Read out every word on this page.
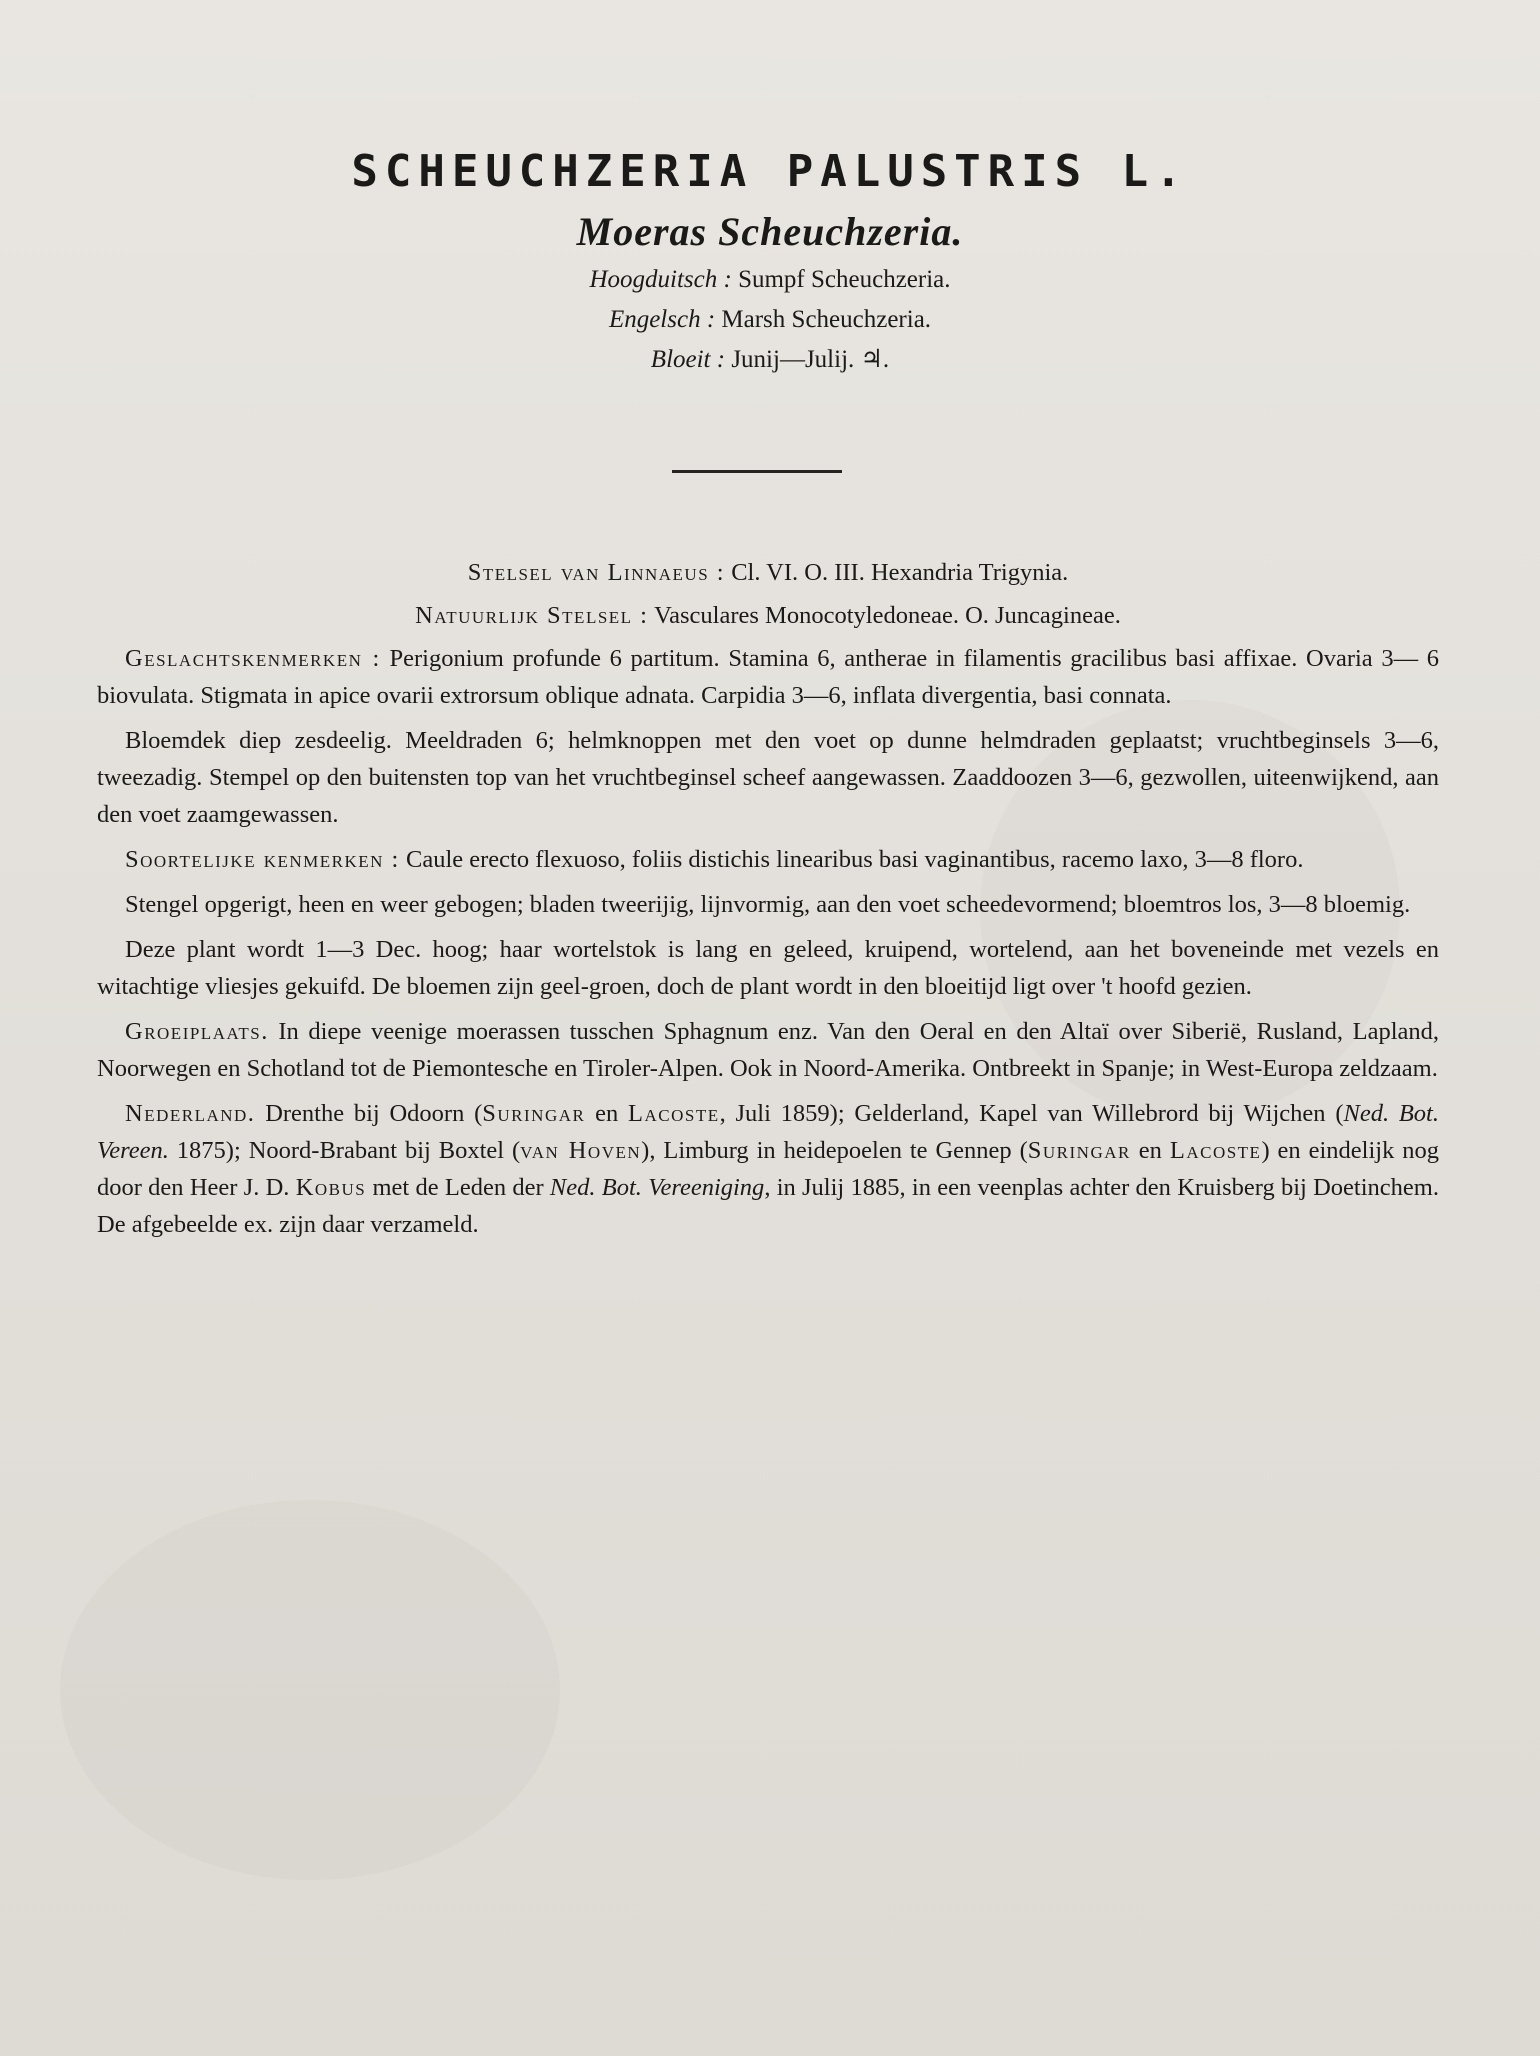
SCHEUCHZERIA PALUSTRIS L.
Moeras Scheuchzeria.
Hoogduitsch : Sumpf Scheuchzeria.
Engelsch : Marsh Scheuchzeria.
Bloeit : Junij—Julij. ♃.
Stelsel van Linnaeus : Cl. VI. O. III. Hexandria Trigynia.
Natuurlijk Stelsel : Vasculares Monocotyledoneae. O. Juncagineae.

Geslachtskenmerken : Perigonium profunde 6 partitum. Stamina 6, antherae in filamentis gracilibus basi affixae. Ovaria 3— 6 biovulata. Stigmata in apice ovarii extrorsum oblique adnata. Carpidia 3—6, inflata divergentia, basi connata.

Bloemdek diep zesdeelig. Meeldraden 6; helmknoppen met den voet op dunne helmdraden geplaatst; vruchtbeginsels 3—6, tweezadig. Stempel op den buitensten top van het vruchtbeginsel scheef aangewassen. Zaaddoozen 3—6, gezwollen, uiteenwijkend, aan den voet zaamgewassen.

Soortelijke kenmerken : Caule erecto flexuoso, foliis distichis linearibus basi vaginantibus, racemo laxo, 3—8 floro.

Stengel opgerigt, heen en weer gebogen; bladen tweerijig, lijnvormig, aan den voet scheedevormend; bloemtros los, 3—8 bloemig.

Deze plant wordt 1—3 Dec. hoog; haar wortelstok is lang en geleed, kruipend, wortelend, aan het boveneinde met vezels en witachtige vliesjes gekuifd. De bloemen zijn geel-groen, doch de plant wordt in den bloeitijd ligt over 't hoofd gezien.

Groeiplaats. In diepe veenige moerassen tusschen Sphagnum enz. Van den Oeral en den Altaï over Siberië, Rusland, Lapland, Noorwegen en Schotland tot de Piemontesche en Tiroler-Alpen. Ook in Noord-Amerika. Ontbreekt in Spanje; in West-Europa zeldzaam.

Nederland. Drenthe bij Odoorn (Suringar en Lacoste, Juli 1859); Gelderland, Kapel van Willebrord bij Wijchen (Ned. Bot. Vereen. 1875); Noord-Brabant bij Boxtel (van Hoven), Limburg in heidepoelen te Gennep (Suringar en Lacoste) en eindelijk nog door den Heer J. D. Kobus met de Leden der Ned. Bot. Vereeniging, in Julij 1885, in een veenplas achter den Kruisberg bij Doetinchem. De afgebeelde ex. zijn daar verzameld.
